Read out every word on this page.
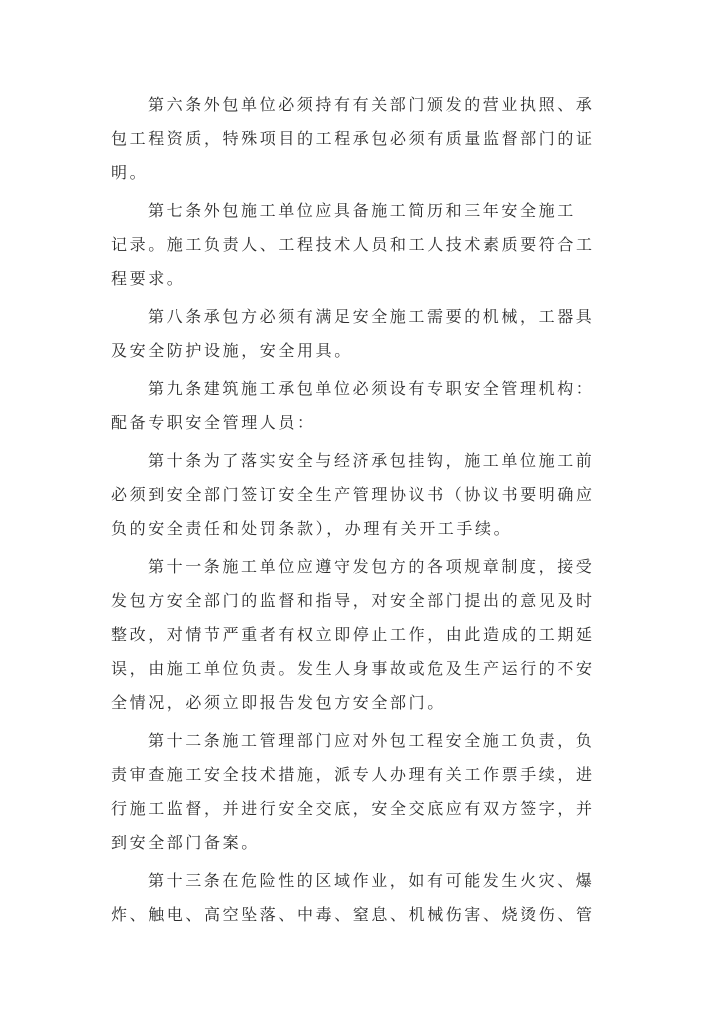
第六条外包单位必须持有有关部门颁发的营业执照、承
包工程资质，特殊项目的工程承包必须有质量监督部门的证
明。

第七条外包施工单位应具备施工简历和三年安全施工
记录。施工负责人、工程技术人员和工人技术素质要符合工
程要求。

第八条承包方必须有满足安全施工需要的机械，工器具
及安全防护设施，安全用具。

第九条建筑施工承包单位必须设有专职安全管理机构：
配备专职安全管理人员：

第十条为了落实安全与经济承包挂钩，施工单位施工前
必须到安全部门签订安全生产管理协议书（协议书要明确应
负的安全责任和处罚条款），办理有关开工手续。

第十一条施工单位应遵守发包方的各项规章制度，接受
发包方安全部门的监督和指导，对安全部门提出的意见及时
整改，对情节严重者有权立即停止工作，由此造成的工期延
误，由施工单位负责。发生人身事故或危及生产运行的不安
全情况，必须立即报告发包方安全部门。

第十二条施工管理部门应对外包工程安全施工负责，负
责审查施工安全技术措施，派专人办理有关工作票手续，进
行施工监督，并进行安全交底，安全交底应有双方签字，并
到安全部门备案。

第十三条在危险性的区域作业，如有可能发生火灾、爆
炸、触电、高空坠落、中毒、窒息、机械伤害、烧烫伤、管
